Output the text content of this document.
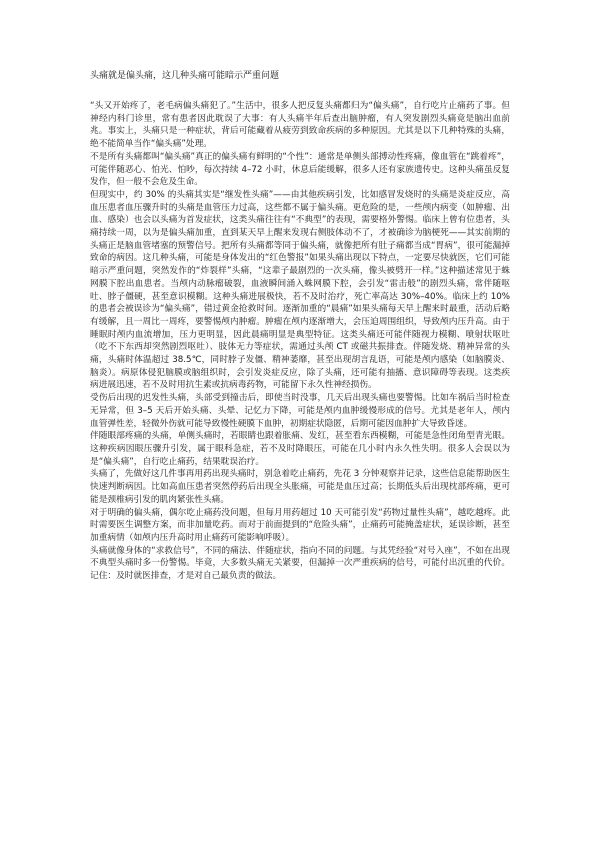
头痛就是偏头痛，这几种头痛可能暗示严重问题

“头又开始疼了，老毛病偏头痛犯了。”生活中，很多人把反复头痛都归为“偏头痛”，自行吃片止痛药了事。但神经内科门诊里，常有患者因此耽误了大事：有人头痛半年后查出脑肿瘤，有人突发剧烈头痛竟是脑出血前兆。事实上，头痛只是一种症状，背后可能藏着从疲劳到致命疾病的多种原因。尤其是以下几种特殊的头痛，绝不能简单当作“偏头痛”处理。

不是所有头痛都叫“偏头痛”真正的偏头痛有鲜明的“个性”：通常是单侧头部搏动性疼痛，像血管在“跳着疼”，可能伴随恶心、怕光、怕吵，每次持续 4–72 小时，休息后能缓解，很多人还有家族遗传史。这种头痛虽反复发作，但一般不会危及生命。

但现实中，约 30% 的头痛其实是“继发性头痛”——由其他疾病引发，比如感冒发烧时的头痛是炎症反应，高血压患者血压骤升时的头痛是血管压力过高，这些都不属于偏头痛。更危险的是，一些颅内病变（如肿瘤、出血、感染）也会以头痛为首发症状，这类头痛往往有“不典型”的表现，需要格外警惕。临床上曾有位患者，头痛持续一周，以为是偏头痛加重，直到某天早上醒来发现右侧肢体动不了，才被确诊为脑梗死——其实前期的头痛正是脑血管堵塞的预警信号。把所有头痛都等同于偏头痛，就像把所有肚子痛都当成“胃病”，很可能漏掉致命的病因。这几种头痛，可能是身体发出的“红色警报”如果头痛出现以下特点，一定要尽快就医，它们可能暗示严重问题，突然发作的“炸裂样”头痛，“这辈子最剧烈的一次头痛，像头被劈开一样。”这种描述常见于蛛网膜下腔出血患者。当颅内动脉瘤破裂，血液瞬间涌入蛛网膜下腔，会引发“雷击般”的剧烈头痛，常伴随呕吐、脖子僵硬，甚至意识模糊。这种头痛进展极快，若不及时治疗，死亡率高达 30%–40%。临床上约 10% 的患者会被误诊为“偏头痛”，错过黄金抢救时间。逐渐加重的“晨痛”如果头痛每天早上醒来时最重，活动后略有缓解，且一周比一周疼，要警惕颅内肿瘤。肿瘤在颅内逐渐增大，会压迫周围组织，导致颅内压升高。由于睡眠时颅内血流增加，压力更明显，因此晨痛明显是典型特征。这类头痛还可能伴随视力模糊、喷射状呕吐（吃不下东西却突然剧烈呕吐）、肢体无力等症状，需通过头颅 CT 或磁共振排查。伴随发烧、精神异常的头痛，头痛时体温超过 38.5℃，同时脖子发僵、精神萎靡，甚至出现胡言乱语，可能是颅内感染（如脑膜炎、脑炎）。病原体侵犯脑膜或脑组织时，会引发炎症反应，除了头痛，还可能有抽搐、意识障碍等表现。这类疾病进展迅速，若不及时用抗生素或抗病毒药物，可能留下永久性神经损伤。

受伤后出现的迟发性头痛，头部受到撞击后，即使当时没事，几天后出现头痛也要警惕。比如车祸后当时检查无异常，但 3–5 天后开始头痛、头晕、记忆力下降，可能是颅内血肿缓慢形成的信号。尤其是老年人，颅内血管弹性差，轻微外伤就可能导致慢性硬膜下血肿，初期症状隐匿，后期可能因血肿扩大导致昏迷。

伴随眼部疼痛的头痛，单侧头痛时，若眼睛也跟着胀痛、发红，甚至看东西模糊，可能是急性闭角型青光眼。这种疾病因眼压骤升引发，属于眼科急症，若不及时降眼压，可能在几小时内永久性失明。很多人会误以为是“偏头痛”，自行吃止痛药，结果耽误治疗。

头痛了，先做好这几件事再用药出现头痛时，别急着吃止痛药，先花 3 分钟观察并记录，这些信息能帮助医生快速判断病因。比如高血压患者突然停药后出现全头胀痛，可能是血压过高；长期低头后出现枕部疼痛，更可能是颈椎病引发的肌肉紧张性头痛。

对于明确的偏头痛，偶尔吃止痛药没问题，但每月用药超过 10 天可能引发“药物过量性头痛”，越吃越疼。此时需要医生调整方案，而非加量吃药。而对于前面提到的“危险头痛”，止痛药可能掩盖症状，延误诊断，甚至加重病情（如颅内压升高时用止痛药可能影响呼吸）。

头痛就像身体的“求救信号”，不同的痛法、伴随症状，指向不同的问题。与其凭经验“对号入座”，不如在出现不典型头痛时多一份警惕。毕竟，大多数头痛无关紧要，但漏掉一次严重疾病的信号，可能付出沉重的代价。记住：及时就医排查，才是对自己最负责的做法。
